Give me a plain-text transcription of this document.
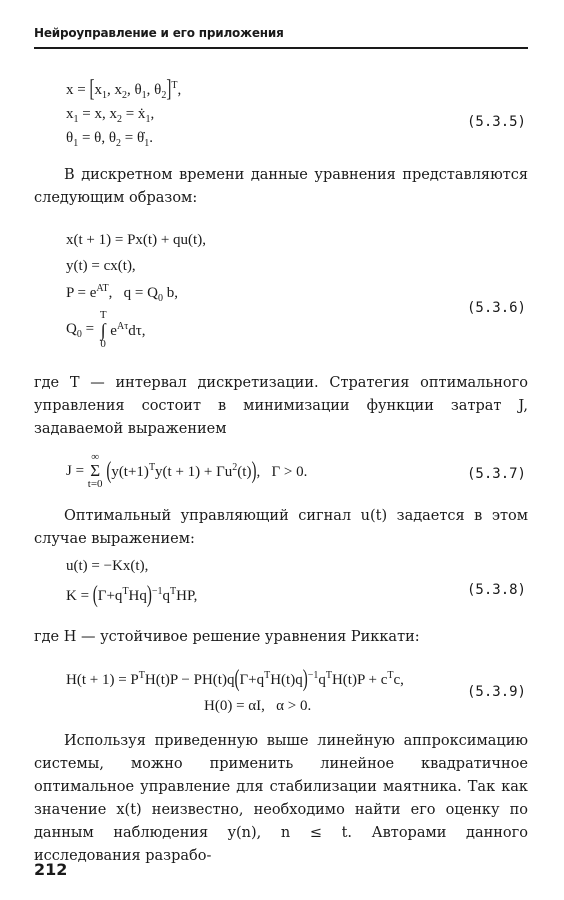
Нейроуправление и его приложения
$x = [x_1$, $x_2$, $\theta_1$, $\theta_2]^T$,
$x_1 = x$, $x_2$ = ẋ$_1$,
$\theta_1 = \theta$, $\theta_2$ = $\thetȧ_1$.
(5.3.5)
В дискретном времени данные уравнения представляются следующим образом:
x(t + 1) = Px(t) + qu(t),
y(t) = cx(t),
$P = e^{AT}$,   $q = Q_0$ b,
$Q_0$ =
T
∫
0
$e^{A\tau}d\tau$,
(5.3.6)
где T — интервал дискретизации. Стратегия оптимального управления состоит в минимизации функции затрат J, задаваемой выражением
J =
∞
Σ
t=0 $(y(t+1)^Ty(t + 1) + \Gamma u^2(t))$,   Γ > 0.	(5.3.7)
Оптимальный управляющий сигнал u(t) задается в этом случае выражением:
u(t) = −Kx(t),
$K = (\Gamma+q^THq)^{-1}q^THP$,	(5.3.8)
где H — устойчивое решение уравнения Риккати:
$H(t + 1) = P^TH(t)P - PH(t)q(\Gamma+q^TH(t)q)^{-1}q^TH(t)P + c^Tc$,
H(0) = αI,   α > 0.
(5.3.9)
Используя приведенную выше линейную аппроксимацию системы, можно применить линейное квадратичное оптимальное управление для стабилизации маятника. Так как значение x(t) неизвестно, необходимо найти его оценку по данным наблюдения y(n), n ≤ t. Авторами данного исследования разрабо-
212
